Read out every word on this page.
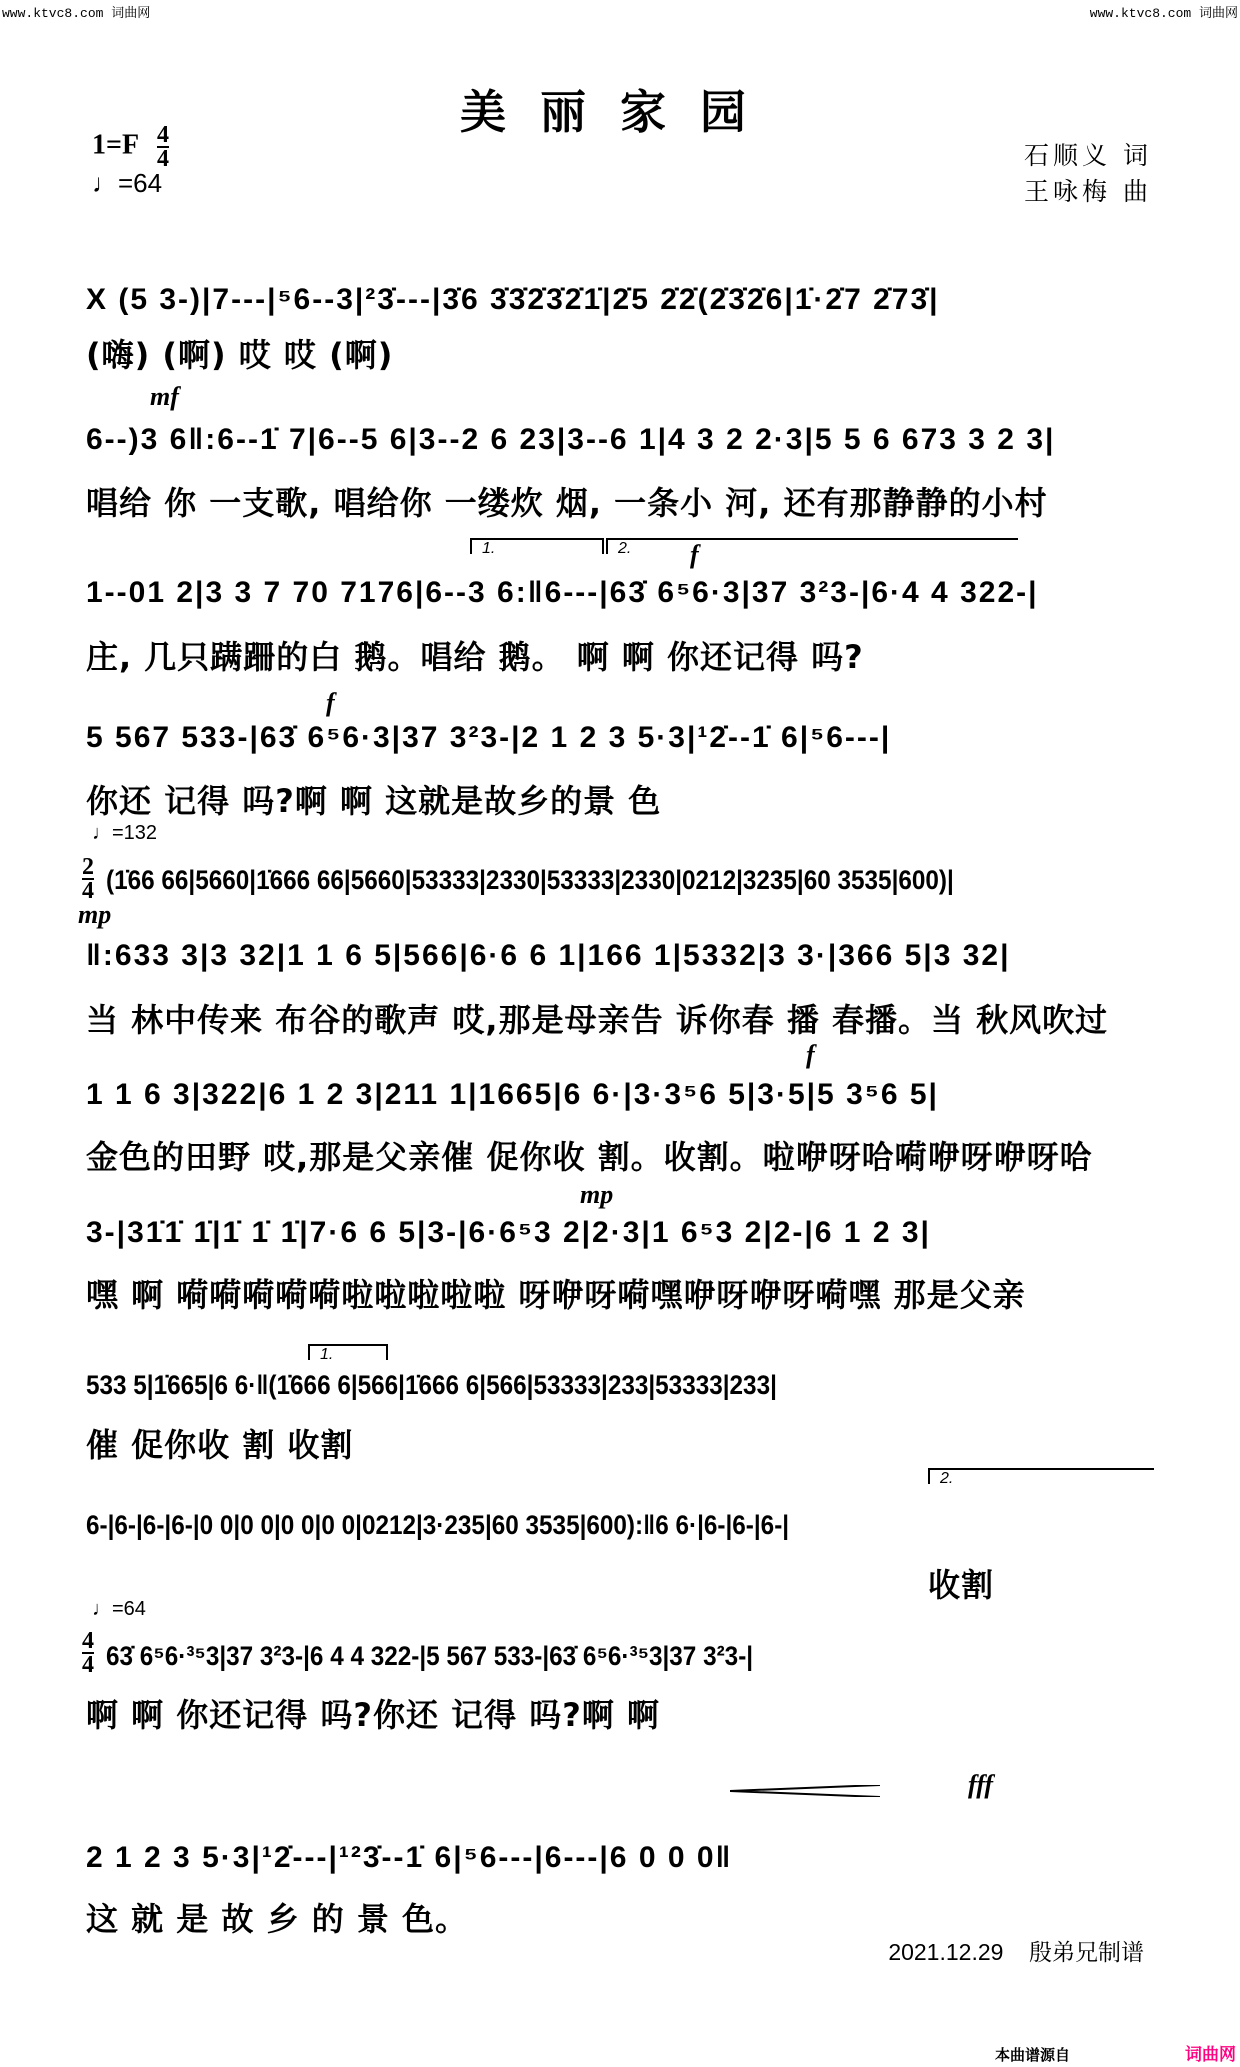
www.ktvc8.com 词曲网	www.ktvc8.com 词曲网
美丽家园
$1=F \frac{4}{4}$
♩=64
石顺义 词
王咏梅 曲
X (5 3-)|7---|⁵6--3|²3̇---|3̇6 3̇3̇2̇3̇2̇1̇|2̇5 2̇2̇(2̇3̇2̇6|1̇·2̇7 2̇73̇|
(嗨) (啊) 哎 哎 (啊)
mf
6--)3 6‖:6--1̇ 7|6--5 6|3--2 6 23|3--6 1|4 3 2 2·3|5 5 6 673 3 2 3|
唱给 你 一支歌, 唱给你 一缕炊 烟, 一条小 河, 还有那静静的小村
1.	2.	f
1--01 2|3 3 7 70 7176|6--3 6:‖6---|63̇ 6⁵6·3|37 3²3-|6·4 4 322-|
庄, 几只蹒跚的白 鹅。唱给 鹅。 啊 啊 你还记得 吗?
f
5 567 533-|63̇ 6⁵6·3|37 3²3-|2 1 2 3 5·3|¹2̇--1̇ 6|⁵6---|
你还 记得 吗?啊 啊 这就是故乡的景 色
♩=132
2
4 (1̇66 66|5660|1̇666 66|5660|53333|2330|53333|2330|0212|3235|60 3535|600)|
mp
‖:633 3|3 32|1 1 6 5|566|6·6 6 1|166 1|5332|3 3·|366 5|3 32|
当 林中传来 布谷的歌声 哎,那是母亲告 诉你春 播 春播。当 秋风吹过
f
1 1 6 3|322|6 1 2 3|211 1|1665|6 6·|3·3⁵6 5|3·5|5 3⁵6 5|
金色的田野 哎,那是父亲催 促你收 割。收割。啦咿呀哈嗬咿呀咿呀哈
mp
3-|31̇1̇ 1̇|1̇ 1̇ 1̇|7·6 6 5|3-|6·6⁵3 2|2·3|1 6⁵3 2|2-|6 1 2 3|
嘿 啊 嗬嗬嗬嗬嗬啦啦啦啦啦 呀咿呀嗬嘿咿呀咿呀嗬嘿 那是父亲
1.
533 5|1̇665|6 6·‖(1̇666 6|566|1̇666 6|566|53333|233|53333|233|
催 促你收 割 收割
2.
6-|6-|6-|6-|0 0|0 0|0 0|0 0|0212|3·235|60 3535|600):‖6 6·|6-|6-|6-|
收割
♩=64
4
4 63̇ 6⁵6·³⁵3|37 3²3-|6 4 4 322-|5 567 533-|63̇ 6⁵6·³⁵3|37 3²3-|
啊 啊 你还记得 吗?你还 记得 吗?啊 啊
fff
2 1 2 3 5·3|¹2̇---|¹²3̇--1̇ 6|⁵6---|6---|6 0 0 0‖
这 就 是 故 乡 的 景 色。
2021.12.29 殷弟兄制谱
本曲谱源自	词曲网
